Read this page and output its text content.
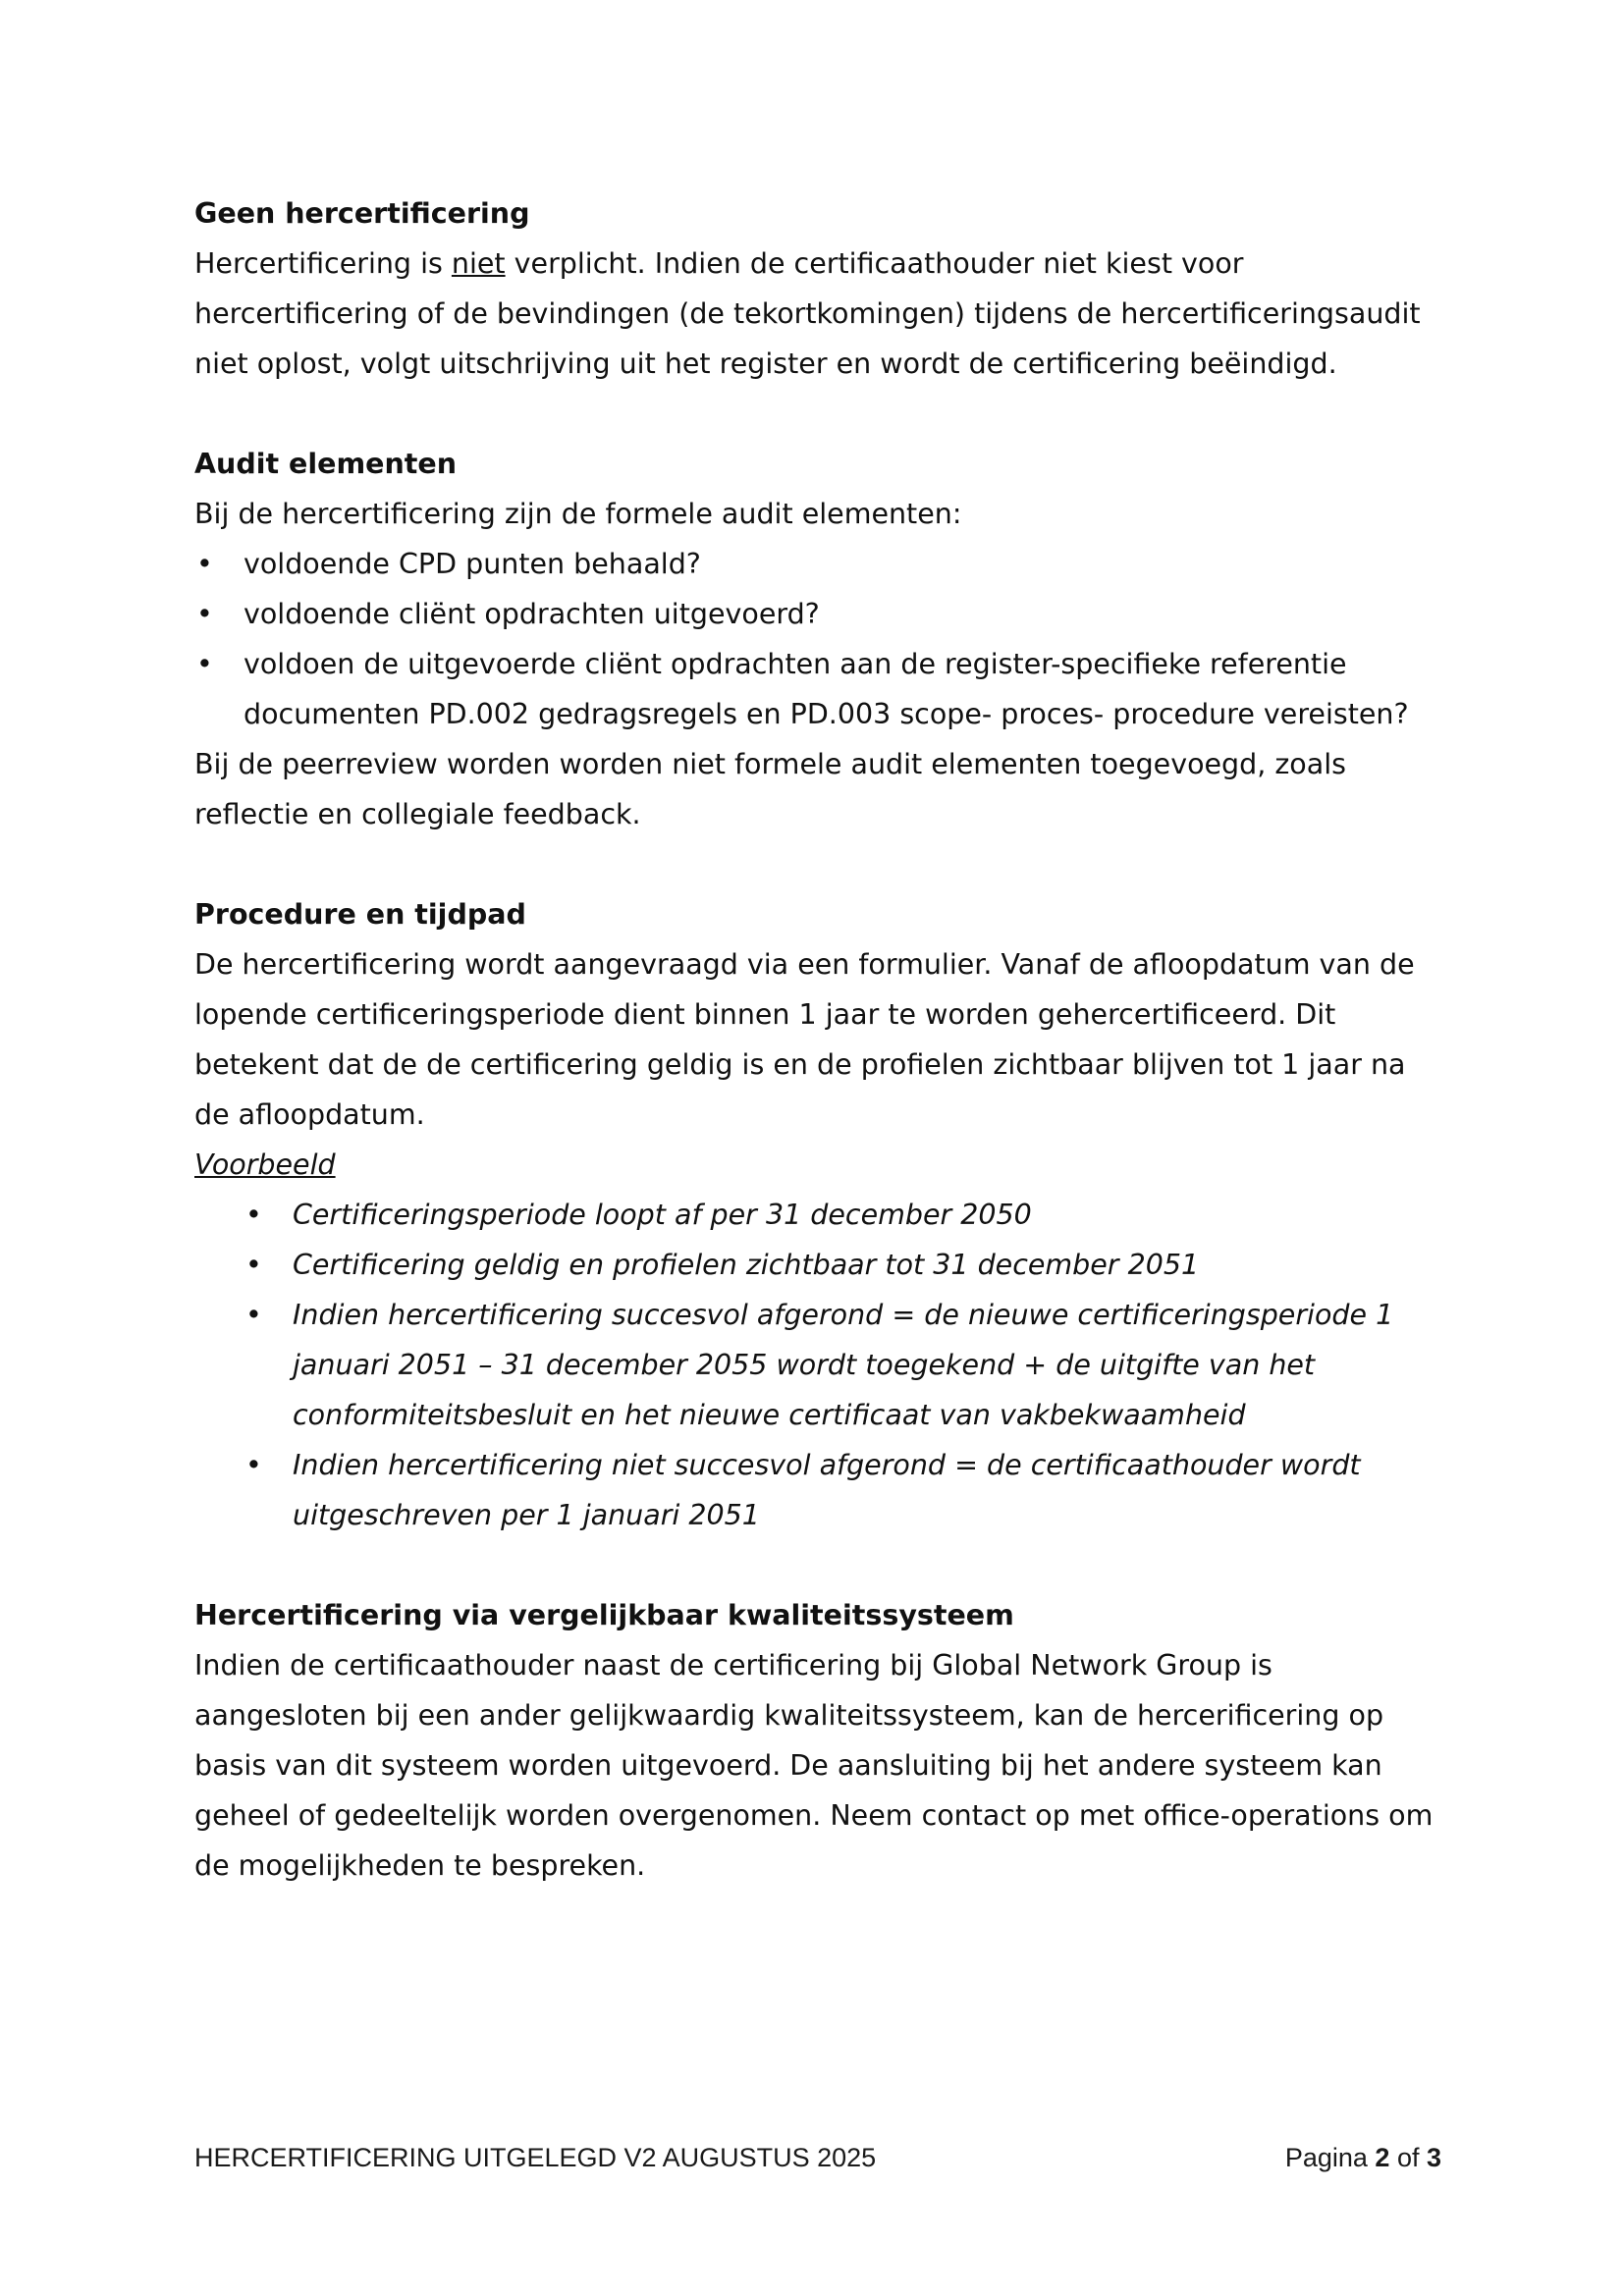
Geen hercertificering

Hercertificering is niet verplicht. Indien de certificaathouder niet kiest voor hercertificering of de bevindingen (de tekortkomingen) tijdens de hercertificeringsaudit niet oplost, volgt uitschrijving uit het register en wordt de certificering beëindigd.

Audit elementen

Bij de hercertificering zijn de formele audit elementen:

• voldoende CPD punten behaald?
• voldoende cliënt opdrachten uitgevoerd?
• voldoen de uitgevoerde cliënt opdrachten aan de register-specifieke referentie documenten PD.002 gedragsregels en PD.003 scope- proces- procedure vereisten?

Bij de peerreview worden worden niet formele audit elementen toegevoegd, zoals reflectie en collegiale feedback.

Procedure en tijdpad

De hercertificering wordt aangevraagd via een formulier. Vanaf de afloopdatum van de lopende certificeringsperiode dient binnen 1 jaar te worden gehercertificeerd. Dit betekent dat de de certificering geldig is en de profielen zichtbaar blijven tot 1 jaar na de afloopdatum.

Voorbeeld

• Certificeringsperiode loopt af per 31 december 2050
• Certificering geldig en profielen zichtbaar tot 31 december 2051
• Indien hercertificering succesvol afgerond = de nieuwe certificeringsperiode 1 januari 2051 – 31 december 2055 wordt toegekend + de uitgifte van het conformiteitsbesluit en het nieuwe certificaat van vakbekwaamheid
• Indien hercertificering niet succesvol afgerond = de certificaathouder wordt uitgeschreven per 1 januari 2051

Hercertificering via vergelijkbaar kwaliteitssysteem

Indien de certificaathouder naast de certificering bij Global Network Group is aangesloten bij een ander gelijkwaardig kwaliteitssysteem, kan de hercerificering op basis van dit systeem worden uitgevoerd. De aansluiting bij het andere systeem kan geheel of gedeeltelijk worden overgenomen. Neem contact op met office-operations om de mogelijkheden te bespreken.

HERCERTIFICERING UITGELEGD V2 AUGUSTUS 2025	Pagina 2 of 3
